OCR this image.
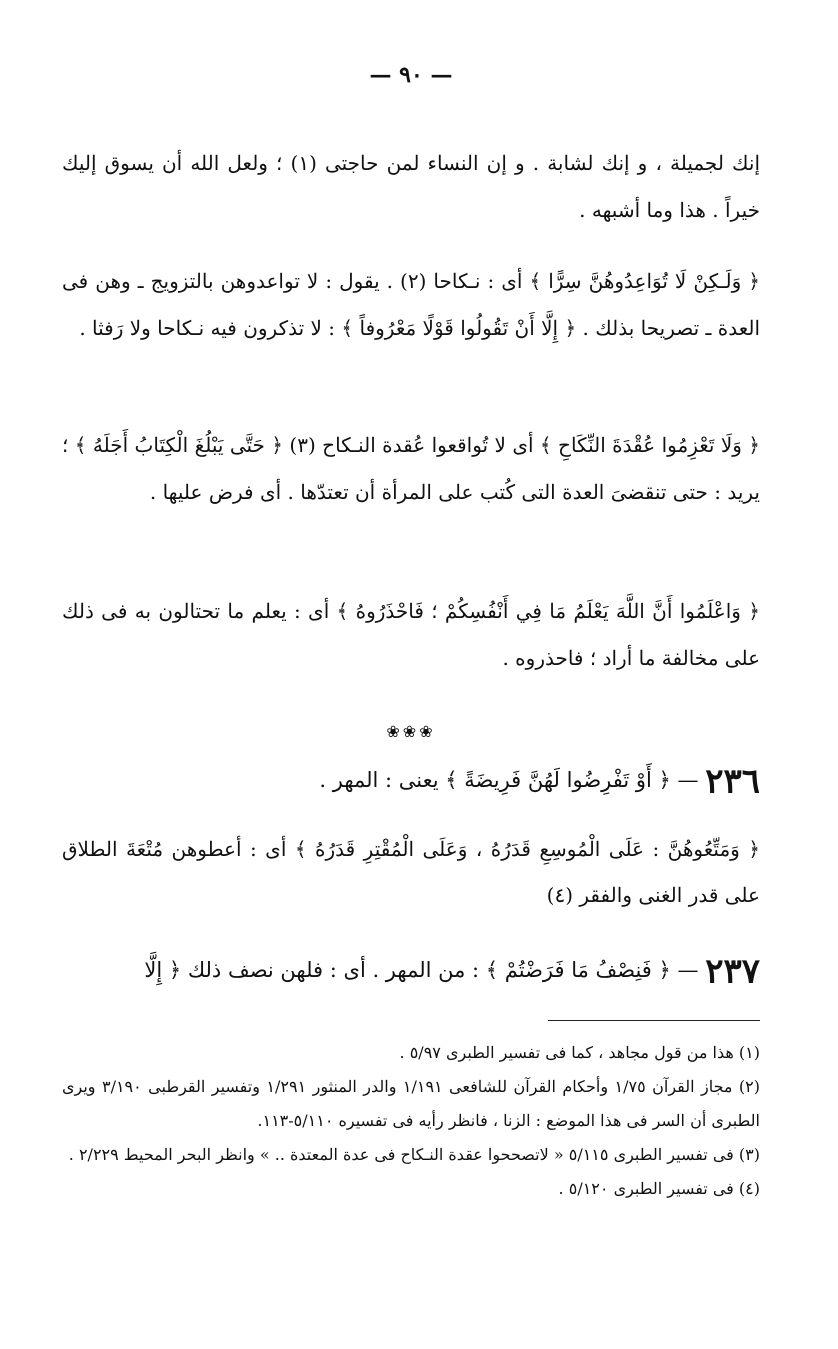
— ٩٠ —
إنك لجميلة ، و إنك لشابة . و إن النساء لمن حاجتى (١) ؛ ولعل الله أن يسوق إليك خيراً . هذا وما أشبهه .
﴿ وَلَـكِنْ لَا تُوَاعِدُوهُنَّ سِرًّا ﴾ أى : نـكاحا (٢) . يقول : لا تواعدوهن بالتزويج ـ وهن فى العدة ـ تصريحا بذلك . ﴿ إِلَّا أَنْ تَقُولُوا قَوْلًا مَعْرُوفاً ﴾ : لا تذكرون فيه نـكاحا ولا رَفثا .
﴿ وَلَا تَعْزِمُوا عُقْدَةَ النِّكَاحِ ﴾ أى لا تُواقعوا عُقدة النـكاح (٣) ﴿ حَتَّى يَبْلُغَ الْكِتَابُ أَجَلَهُ ﴾ ؛ يريد : حتى تنقضىَ العدة التى كُتب على المرأة أن تعتدّها . أى فرض عليها .
﴿ وَاعْلَمُوا أَنَّ اللَّهَ يَعْلَمُ مَا فِي أَنْفُسِكُمْ ؛ فَاحْذَرُوهُ ﴾ أى : يعلم ما تحتالون به فى ذلك على مخالفة ما أراد ؛ فاحذروه .
❀❀❀
٢٣٦ — ﴿ أَوْ تَفْرِضُوا لَهُنَّ فَرِيضَةً ﴾ يعنى : المهر .
﴿ وَمَتِّعُوهُنَّ : عَلَى الْمُوسِعِ قَدَرُهُ ، وَعَلَى الْمُقْتِرِ قَدَرُهُ ﴾ أى : أعطوهن مُتْعَةَ الطلاق على قدر الغنى والفقر (٤)
٢٣٧ — ﴿ فَنِصْفُ مَا فَرَضْتُمْ ﴾ : من المهر . أى : فلهن نصف ذلك ﴿ إِلَّا

(١) هذا من قول مجاهد ، كما فى تفسير الطبرى ٥/٩٧ .

(٢) مجاز القرآن ١/٧٥ وأحكام القرآن للشافعى ١/١٩١ والدر المنثور ١/٢٩١ وتفسير القرطبى ٣/١٩٠ ويرى الطبرى أن السر فى هذا الموضع : الزنا ، فانظر رأيه فى تفسيره ٥/١١٠-١١٣.

(٣) فى تفسير الطبرى ٥/١١٥ « لاتصححوا عقدة النـكاح فى عدة المعتدة .. » وانظر البحر المحيط ٢/٢٢٩ .

(٤) فى تفسير الطبرى ٥/١٢٠ .
